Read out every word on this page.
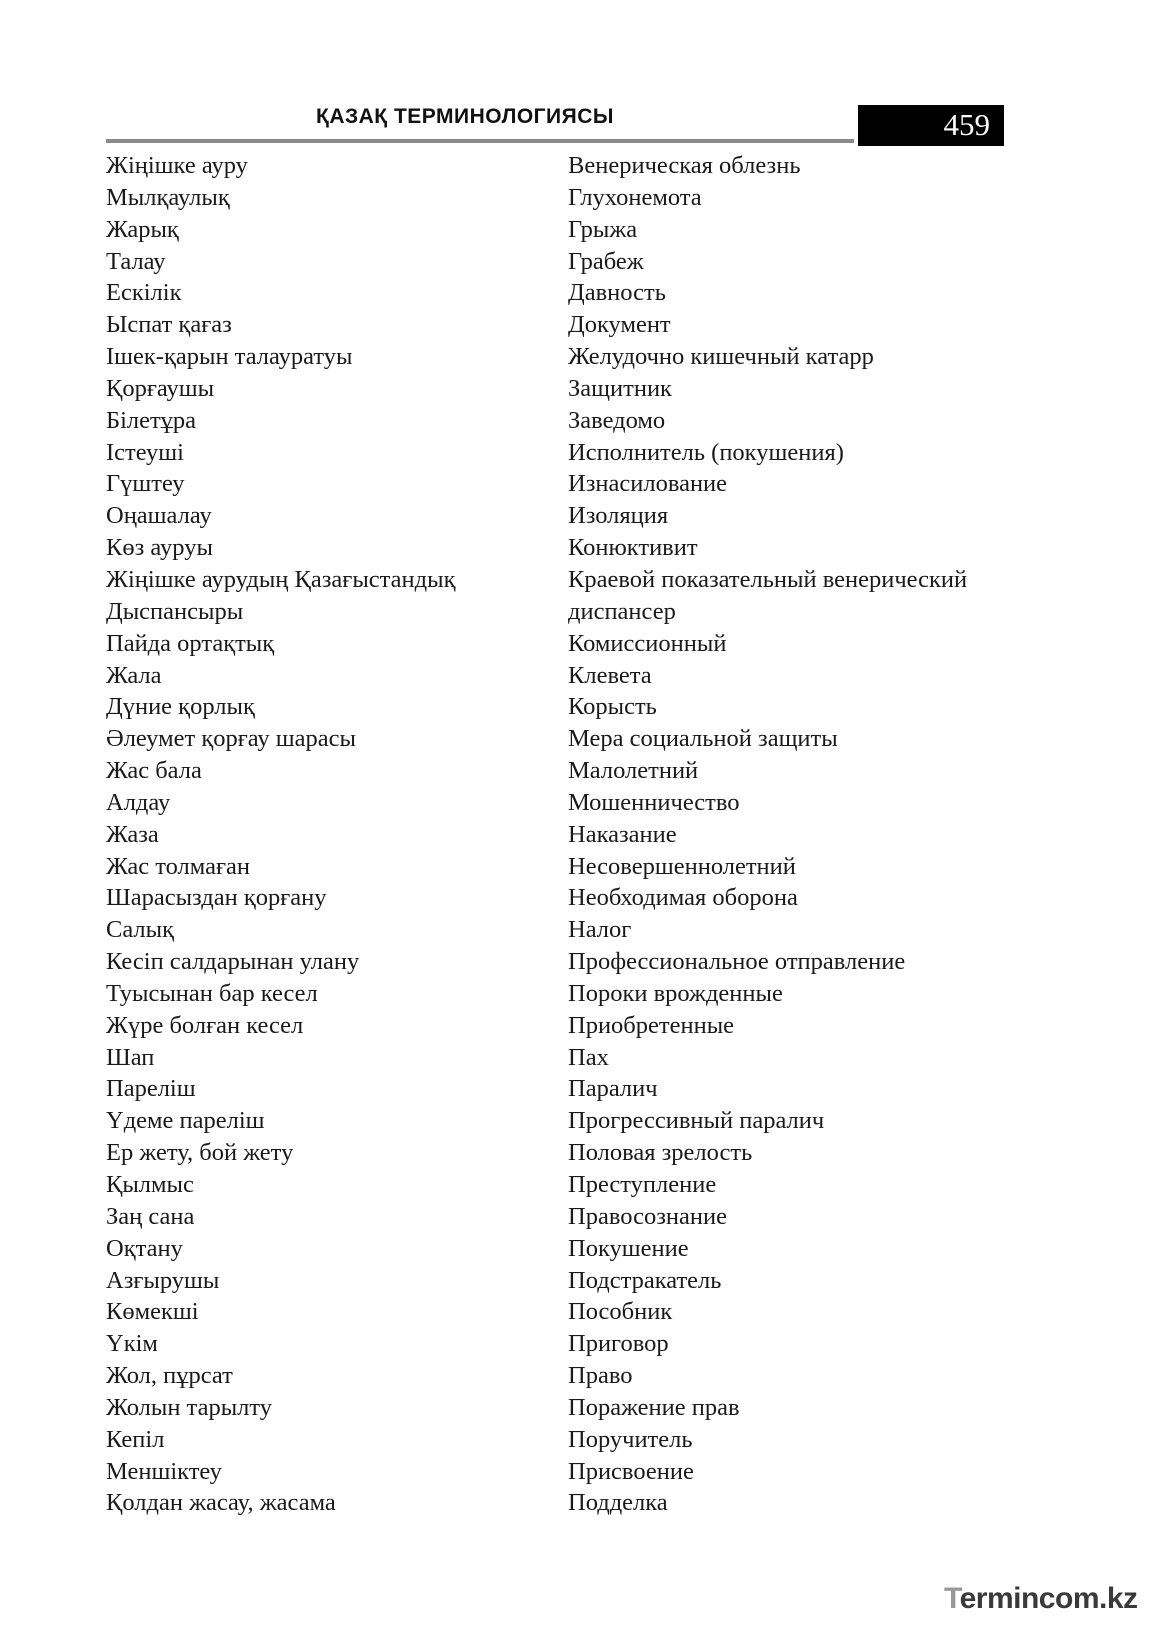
ҚАЗАҚ ТЕРМИНОЛОГИЯСЫ	459
Жіңішке ауру
Мылқаулық
Жарық
Талау
Ескілік
Ыспат қағаз
Ішек-қарын талауратуы
Қорғаушы
Білетұра
Істеуші
Гүштеу
Оңашалау
Көз ауруы
Жіңішке аурудың Қазағыстандық
Дыспансыры
Пайда ортақтық
Жала
Дүние қорлық
Әлеумет қорғау шарасы
Жас бала
Алдау
Жаза
Жас толмаған
Шарасыздан қорғану
Салық
Кесіп салдарынан улану
Туысынан бар кесел
Жүре болған кесел
Шап
Пареліш
Үдеме пареліш
Ер жету, бой жету
Қылмыс
Заң сана
Оқтану
Азғырушы
Көмекші
Үкім
Жол, пұрсат
Жолын тарылту
Кепіл
Меншіктеу
Қолдан жасау, жасама
Венерическая облезнь
Глухонемота
Грыжа
Грабеж
Давность
Документ
Желудочно кишечный катарр
Защитник
Заведомо
Исполнитель (покушения)
Изнасилование
Изоляция
Конюктивит
Краевой показательный венерический
диспансер
Комиссионный
Клевета
Корысть
Мера социальной защиты
Малолетний
Мошенничество
Наказание
Несовершеннолетний
Необходимая оборона
Налог
Профессиональное отправление
Пороки врожденные
Приобретенные
Пах
Паралич
Прогрессивный паралич
Половая зрелость
Преступление
Правосознание
Покушение
Подстракатель
Пособник
Приговор
Право
Поражение прав
Поручитель
Присвоение
Подделка
Termincom.kz
